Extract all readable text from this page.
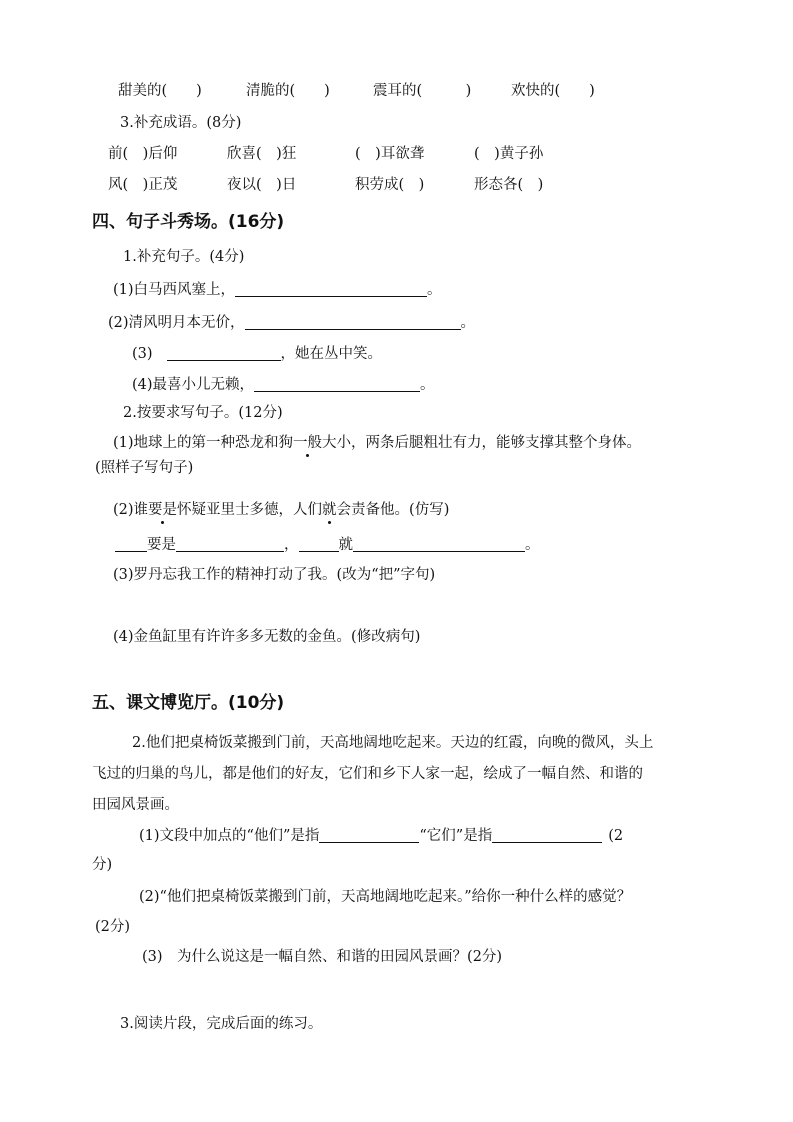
甜美的(　　)	清脆的(　　)	震耳的(　　　)	欢快的(　　)
3.补充成语。(8分)
前(　)后仰	欣喜(　)狂	(　)耳欲聋	(　)黄子孙
风(　)正茂	夜以(　)日	积劳成(　)	形态各(　)
四、句子斗秀场。(16分)
1.补充句子。(4分)
(1)白马西风塞上，	。
(2)清风明月本无价，	。
(3)	，她在丛中笑。
(4)最喜小儿无赖，	。
2.按要求写句子。(12分)
(1)地球上的第一种恐龙和狗一般大小，两条后腿粗壮有力，能够支撑其整个身体。
(照样子写句子)
(2)谁要是怀疑亚里士多德，人们就会责备他。(仿写)
要是	，	就	。
(3)罗丹忘我工作的精神打动了我。(改为“把”字句)
(4)金鱼缸里有许许多多无数的金鱼。(修改病句)
五、课文博览厅。(10分)
2.他们把桌椅饭菜搬到门前，天高地阔地吃起来。天边的红霞，向晚的微风，头上
飞过的归巢的鸟儿，都是他们的好友，它们和乡下人家一起，绘成了一幅自然、和谐的
田园风景画。
(1)文段中加点的“他们”是指	“它们”是指	(2
分)
(2)“他们把桌椅饭菜搬到门前，天高地阔地吃起来。”给你一种什么样的感觉？
(2分)
(3)　为什么说这是一幅自然、和谐的田园风景画？(2分)
3.阅读片段，完成后面的练习。
